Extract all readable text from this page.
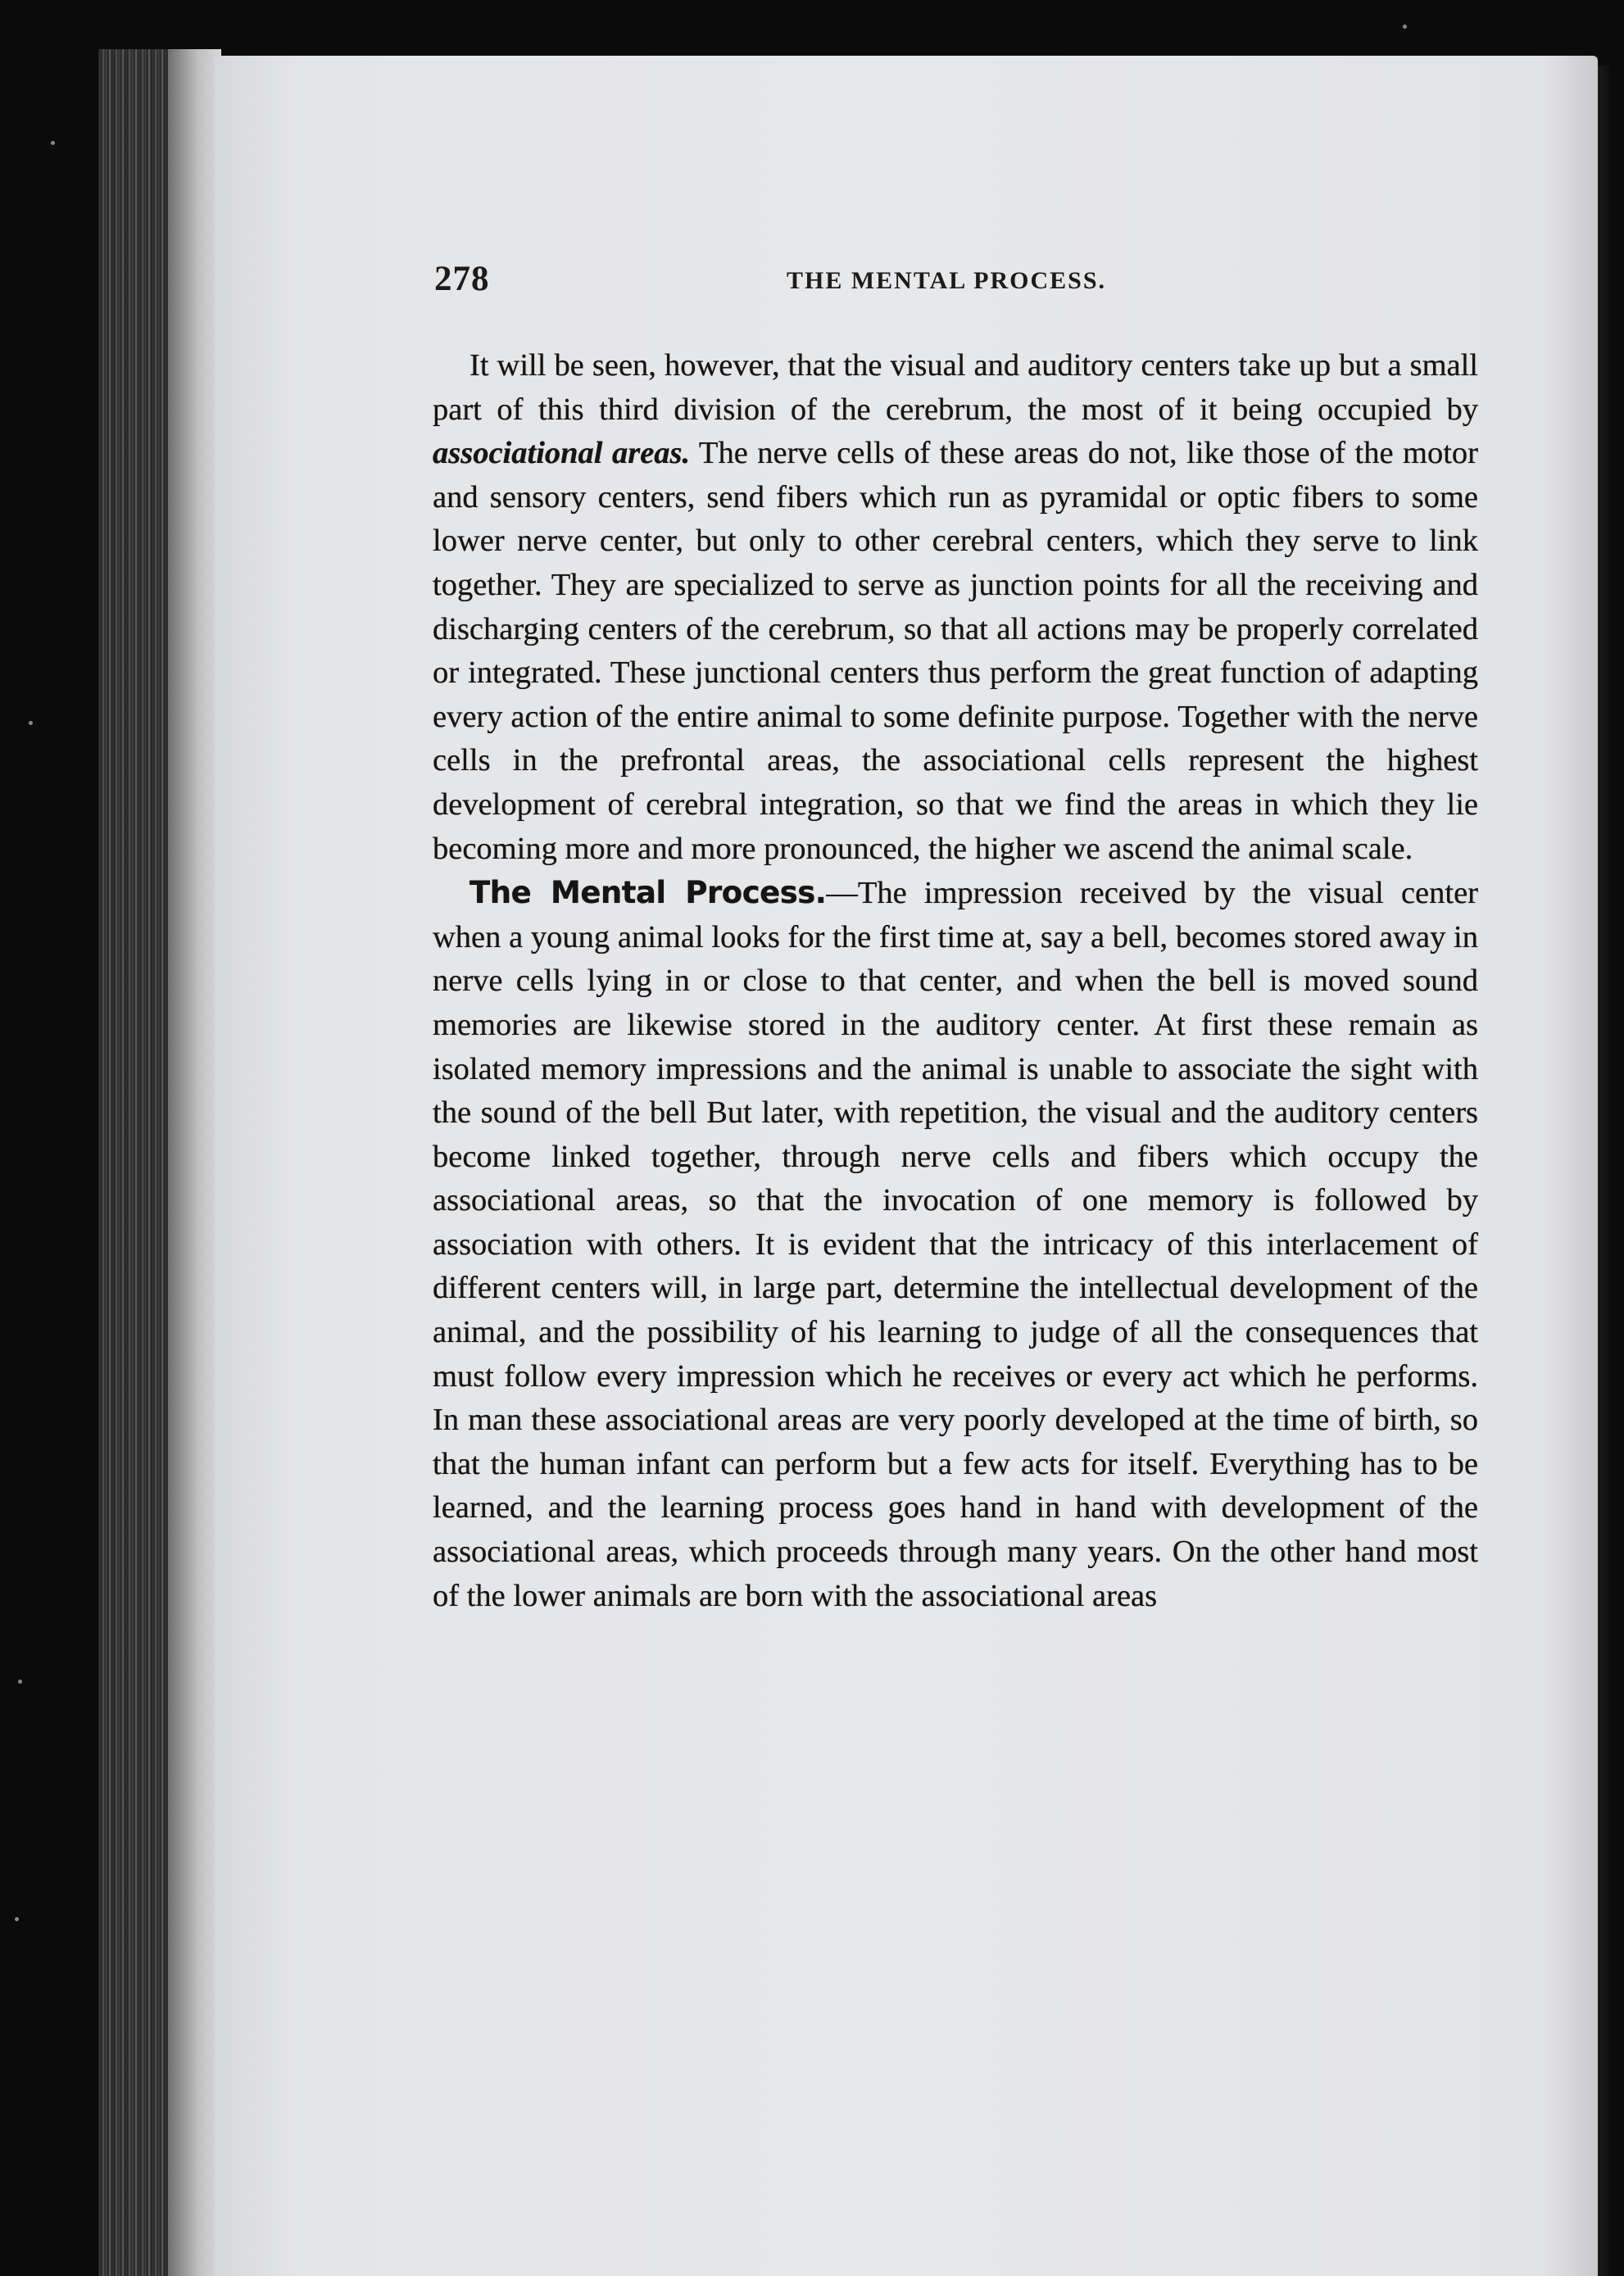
278	THE MENTAL PROCESS.

It will be seen, however, that the visual and auditory centers take up but a small part of this third division of the cerebrum, the most of it being occupied by associational areas. The nerve cells of these areas do not, like those of the motor and sensory centers, send fibers which run as pyramidal or optic fibers to some lower nerve center, but only to other cerebral centers, which they serve to link together. They are specialized to serve as junction points for all the receiving and discharging centers of the cerebrum, so that all actions may be properly correlated or integrated. These junctional centers thus perform the great function of adapting every action of the entire animal to some definite purpose. Together with the nerve cells in the prefrontal areas, the associational cells represent the highest development of cerebral integration, so that we find the areas in which they lie becoming more and more pronounced, the higher we ascend the animal scale.

The Mental Process.—The impression received by the visual center when a young animal looks for the first time at, say a bell, becomes stored away in nerve cells lying in or close to that center, and when the bell is moved sound memories are likewise stored in the auditory center. At first these remain as isolated memory impressions and the animal is unable to associate the sight with the sound of the bell But later, with repetition, the visual and the auditory centers become linked together, through nerve cells and fibers which occupy the associational areas, so that the invocation of one memory is followed by association with others. It is evident that the intricacy of this interlacement of different centers will, in large part, determine the intellectual development of the animal, and the possibility of his learning to judge of all the consequences that must follow every impression which he receives or every act which he performs. In man these associational areas are very poorly developed at the time of birth, so that the human infant can perform but a few acts for itself. Everything has to be learned, and the learning process goes hand in hand with development of the associational areas, which proceeds through many years. On the other hand most of the lower animals are born with the associational areas
